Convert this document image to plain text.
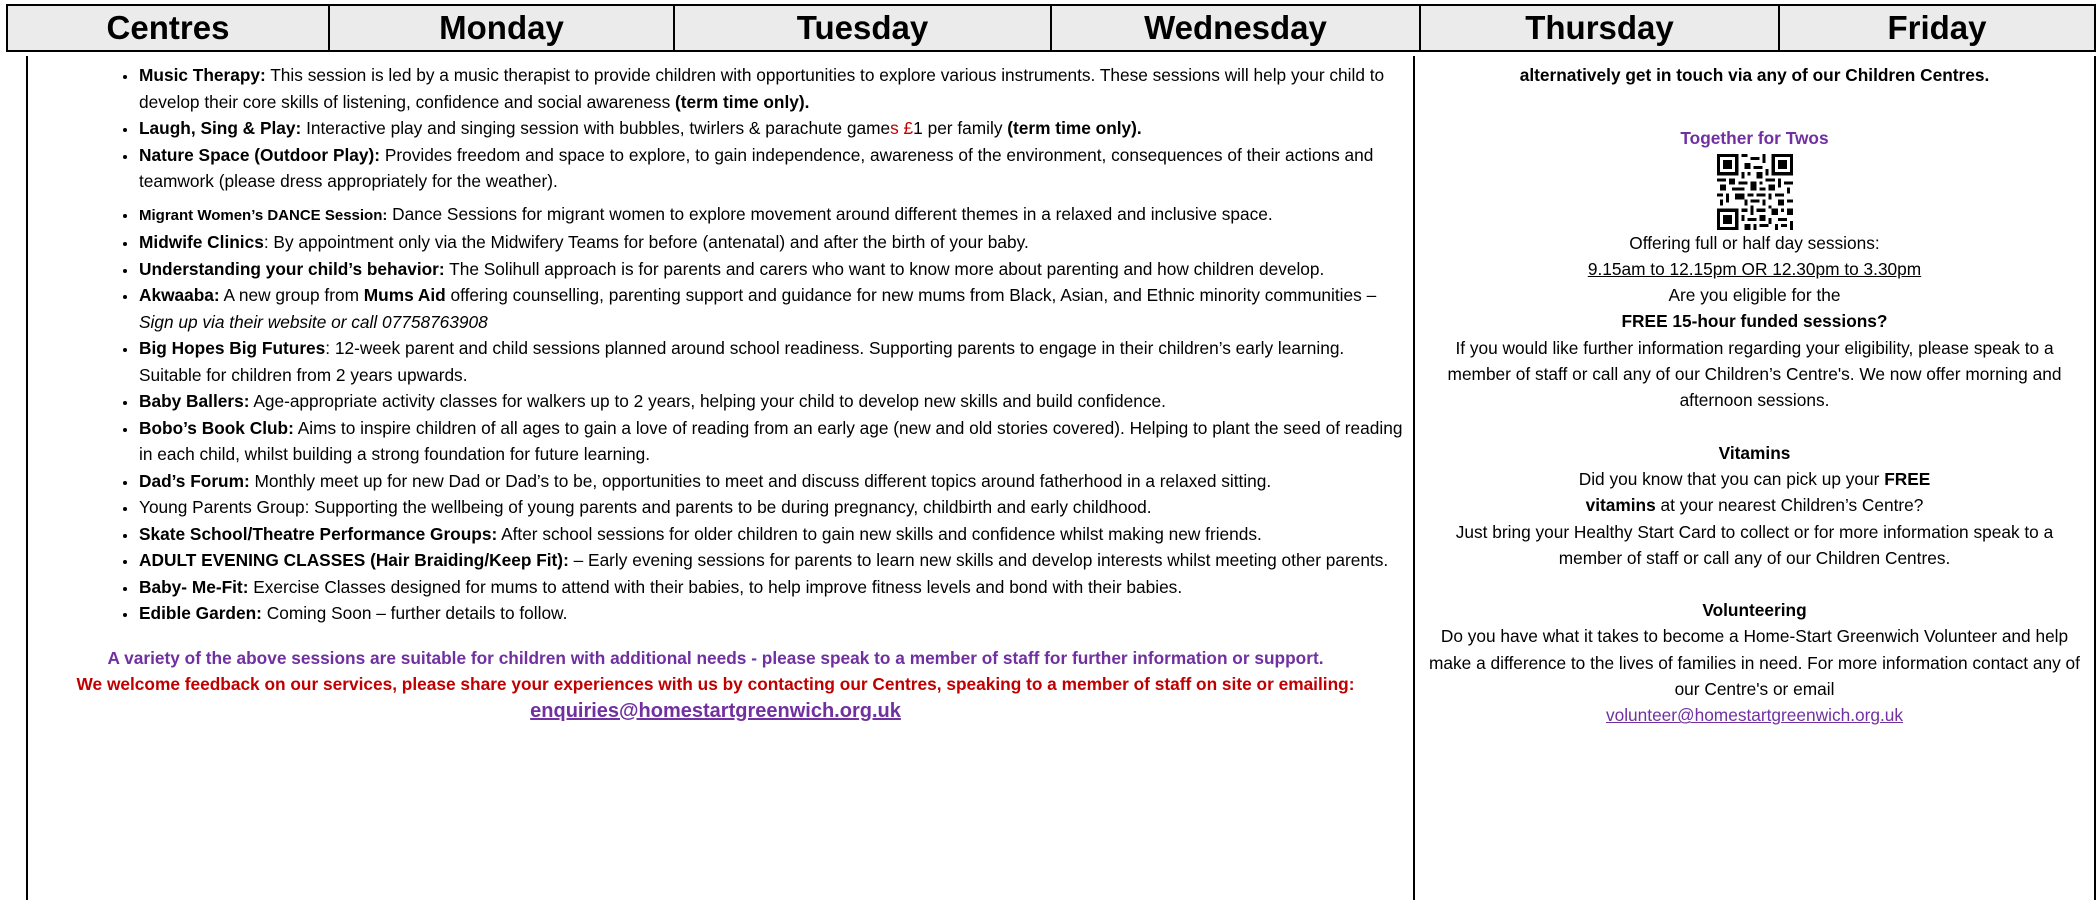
Centres	Monday	Tuesday	Wednesday	Thursday	Friday
• Music Therapy: This session is led by a music therapist to provide children with opportunities to explore various instruments. These sessions will help your child to develop their core skills of listening, confidence and social awareness (term time only).
• Laugh, Sing & Play: Interactive play and singing session with bubbles, twirlers & parachute games £1 per family (term time only).
• Nature Space (Outdoor Play): Provides freedom and space to explore, to gain independence, awareness of the environment, consequences of their actions and teamwork (please dress appropriately for the weather).
• Migrant Women’s DANCE Session: Dance Sessions for migrant women to explore movement around different themes in a relaxed and inclusive space.
• Midwife Clinics: By appointment only via the Midwifery Teams for before (antenatal) and after the birth of your baby.
• Understanding your child’s behavior: The Solihull approach is for parents and carers who want to know more about parenting and how children develop.
• Akwaaba: A new group from Mums Aid offering counselling, parenting support and guidance for new mums from Black, Asian, and Ethnic minority communities – Sign up via their website or call 07758763908
• Big Hopes Big Futures: 12-week parent and child sessions planned around school readiness. Supporting parents to engage in their children’s early learning. Suitable for children from 2 years upwards.
• Baby Ballers: Age-appropriate activity classes for walkers up to 2 years, helping your child to develop new skills and build confidence.
• Bobo’s Book Club: Aims to inspire children of all ages to gain a love of reading from an early age (new and old stories covered). Helping to plant the seed of reading in each child, whilst building a strong foundation for future learning.
• Dad’s Forum: Monthly meet up for new Dad or Dad’s to be, opportunities to meet and discuss different topics around fatherhood in a relaxed sitting.
• Young Parents Group: Supporting the wellbeing of young parents and parents to be during pregnancy, childbirth and early childhood.
• Skate School/Theatre Performance Groups: After school sessions for older children to gain new skills and confidence whilst making new friends.
• ADULT EVENING CLASSES (Hair Braiding/Keep Fit): – Early evening sessions for parents to learn new skills and develop interests whilst meeting other parents.
• Baby- Me-Fit: Exercise Classes designed for mums to attend with their babies, to help improve fitness levels and bond with their babies.
• Edible Garden: Coming Soon – further details to follow.
A variety of the above sessions are suitable for children with additional needs - please speak to a member of staff for further information or support.
We welcome feedback on our services, please share your experiences with us by contacting our Centres, speaking to a member of staff on site or emailing:
enquiries@homestartgreenwich.org.uk
alternatively get in touch via any of our Children Centres.
Together for Twos
Offering full or half day sessions:
9.15am to 12.15pm OR 12.30pm to 3.30pm
Are you eligible for the
FREE 15-hour funded sessions?
If you would like further information regarding your eligibility, please speak to a member of staff or call any of our Children’s Centre's. We now offer morning and afternoon sessions.
Vitamins
Did you know that you can pick up your FREE
vitamins at your nearest Children’s Centre?
Just bring your Healthy Start Card to collect or for more information speak to a member of staff or call any of our Children Centres.
Volunteering
Do you have what it takes to become a Home-Start Greenwich Volunteer and help make a difference to the lives of families in need. For more information contact any of our Centre's or email
volunteer@homestartgreenwich.org.uk
